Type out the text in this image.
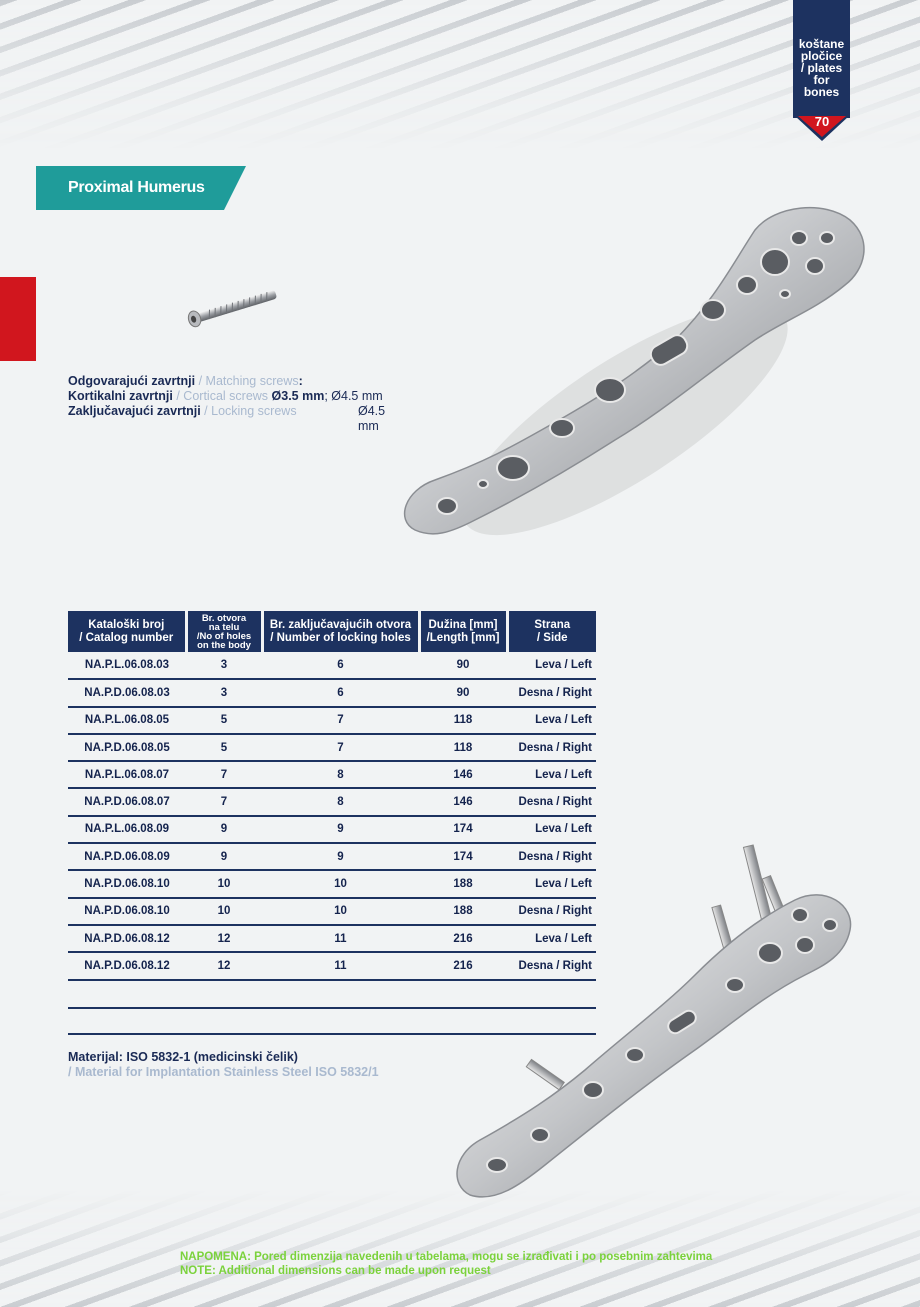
koštane
pločice
/ plates
for
bones
70
Proximal Humerus
Odgovarajući zavrtnji / Matching screws:
Kortikalni zavrtnji / Cortical screws Ø3.5 mm; Ø4.5 mm
Zaključavajući zavrtnji / Locking screws	Ø4.5 mm
Kataloški broj
/ Catalog number	Br. otvora
na telu
/No of holes
on the body	Br. zaključavajućih otvora
/ Number of locking holes	Dužina [mm]
/Length [mm]	Strana
/ Side
NA.P.L.06.08.03	3	6	90	Leva / Left
NA.P.D.06.08.03	3	6	90	Desna / Right
NA.P.L.06.08.05	5	7	118	Leva / Left
NA.P.D.06.08.05	5	7	118	Desna / Right
NA.P.L.06.08.07	7	8	146	Leva / Left
NA.P.D.06.08.07	7	8	146	Desna / Right
NA.P.L.06.08.09	9	9	174	Leva / Left
NA.P.D.06.08.09	9	9	174	Desna / Right
NA.P.D.06.08.10	10	10	188	Leva / Left
NA.P.D.06.08.10	10	10	188	Desna / Right
NA.P.D.06.08.12	12	11	216	Leva / Left
NA.P.D.06.08.12	12	11	216	Desna / Right
Materijal: ISO 5832-1 (medicinski čelik)
/ Material for Implantation Stainless Steel ISO 5832/1
NAPOMENA: Pored dimenzija navedenih u tabelama, mogu se izrađivati i po posebnim zahtevima
NOTE: Additional dimensions can be made upon request
